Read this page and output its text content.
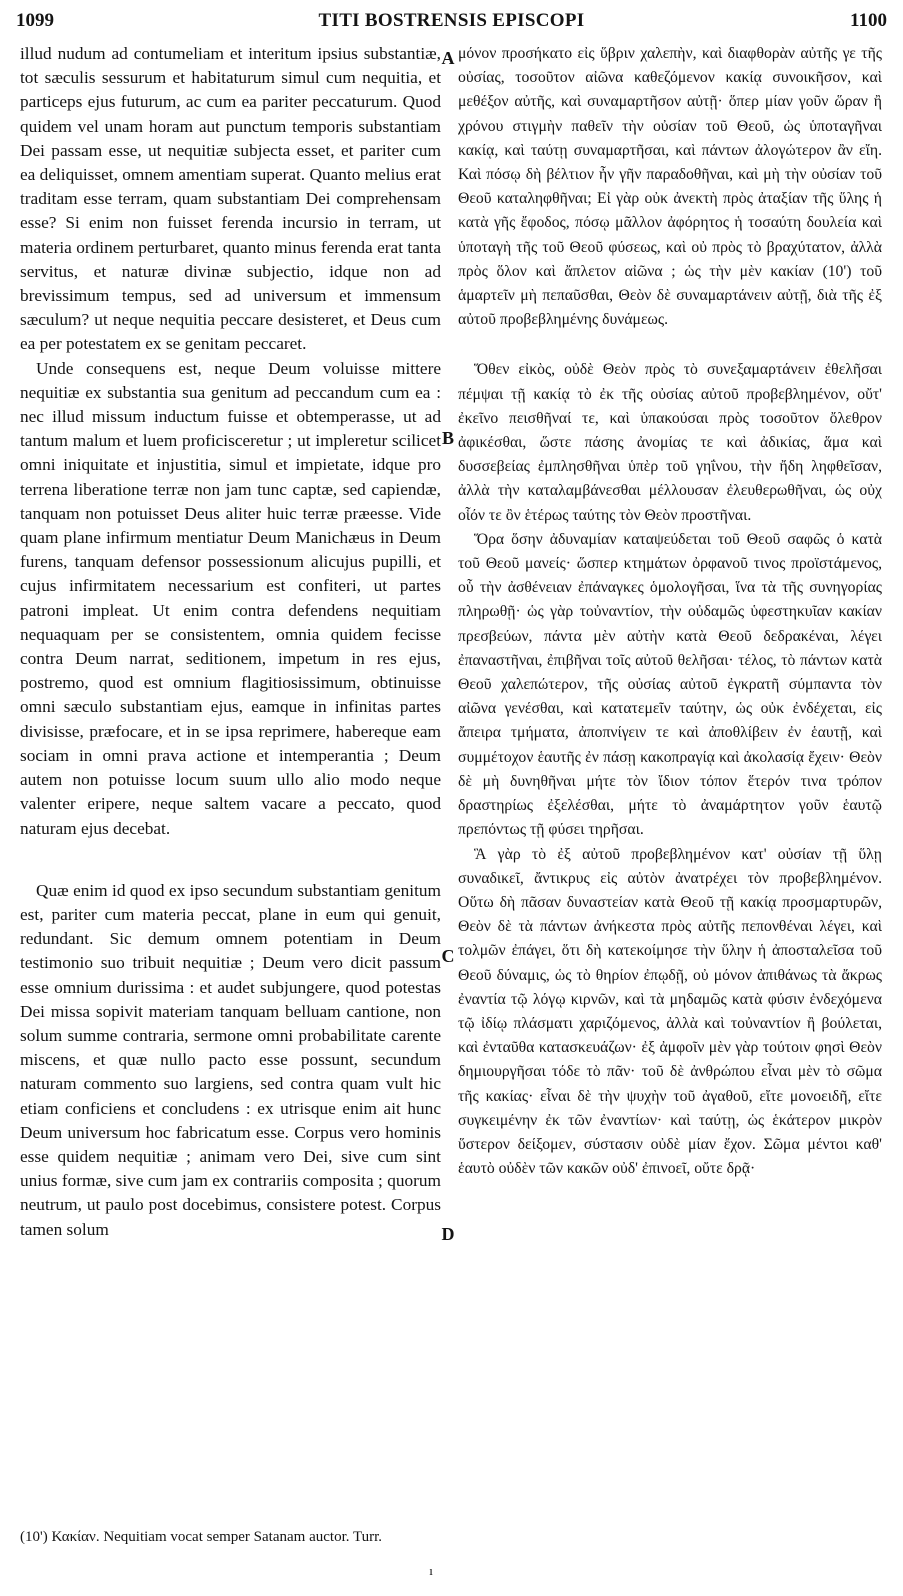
1099	TITI BOSTRENSIS EPISCOPI	1100

illud nudum ad contumeliam et interitum ipsius substantiæ, tot sæculis sessurum et habitaturum simul cum nequitia, et particeps ejus futurum, ac cum ea pariter peccaturum. Quod quidem vel unam horam aut punctum temporis substantiam Dei passam esse, ut nequitiæ subjecta esset, et pariter cum ea deliquisset, omnem amentiam superat. Quanto melius erat traditam esse terram, quam substantiam Dei comprehensam esse? Si enim non fuisset ferenda incursio in terram, ut materia ordinem perturbaret, quanto minus ferenda erat tanta servitus, et naturæ divinæ subjectio, idque non ad brevissimum tempus, sed ad universum et immensum sæculum? ut neque nequitia peccare desisteret, et Deus cum ea per potestatem ex se genitam peccaret.

Unde consequens est, neque Deum voluisse mittere nequitiæ ex substantia sua genitum ad peccandum cum ea : nec illud missum inductum fuisse et obtemperasse, ut ad tantum malum et luem proficisceretur ; ut impleretur scilicet omni iniquitate et injustitia, simul et impietate, idque pro terrena liberatione terræ non jam tunc captæ, sed capiendæ, tanquam non potuisset Deus aliter huic terræ præesse. Vide quam plane infirmum mentiatur Deum Manichæus in Deum furens, tanquam defensor possessionum alicujus pupilli, et cujus infirmitatem necessarium est confiteri, ut partes patroni impleat. Ut enim contra defendens nequitiam nequaquam per se consistentem, omnia quidem fecisse contra Deum narrat, seditionem, impetum in res ejus, postremo, quod est omnium flagitiosissimum, obtinuisse omni sæculo substantiam ejus, eamque in infinitas partes divisisse, præfocare, et in se ipsa reprimere, habereque eam sociam in omni prava actione et intemperantia ; Deum autem non potuisse locum suum ullo alio modo neque valenter eripere, neque saltem vacare a peccato, quod naturam ejus decebat.

Quæ enim id quod ex ipso secundum substantiam genitum est, pariter cum materia peccat, plane in eum qui genuit, redundant. Sic demum omnem potentiam in Deum testimonio suo tribuit nequitiæ ; Deum vero dicit passum esse omnium durissima : et audet subjungere, quod potestas Dei missa sopivit materiam tanquam belluam cantione, non solum summe contraria, sermone omni probabilitate carente miscens, et quæ nullo pacto esse possunt, secundum naturam commento suo largiens, sed contra quam vult hic etiam conficiens et concludens : ex utrisque enim ait hunc Deum universum hoc fabricatum esse. Corpus vero hominis esse quidem nequitiæ ; animam vero Dei, sive cum sint unius formæ, sive cum jam ex contrariis composita ; quorum neutrum, ut paulo post docebimus, consistere potest. Corpus tamen solum

A
B
C
D

μόνον προσήκατο εἰς ὕβριν χαλεπὴν, καὶ διαφθορὰν αὐτῆς γε τῆς οὐσίας, τοσοῦτον αἰῶνα καθεζόμενον κακίᾳ συνοικῆσον, καὶ μεθέξον αὐτῆς, καὶ συναμαρτῆσον αὐτῇ· ὅπερ μίαν γοῦν ὥραν ἢ χρόνου στιγμὴν παθεῖν τὴν οὐσίαν τοῦ Θεοῦ, ὡς ὑποταγῆναι κακίᾳ, καὶ ταύτῃ συναμαρτῆσαι, καὶ πάντων ἀλογώτερον ἂν εἴη. Καὶ πόσῳ δὴ βέλτιον ἦν γῆν παραδοθῆναι, καὶ μὴ τὴν οὐσίαν τοῦ Θεοῦ καταληφθῆναι; Εἰ γὰρ οὐκ ἀνεκτὴ πρὸς ἀταξίαν τῆς ὕλης ἡ κατὰ γῆς ἔφοδος, πόσῳ μᾶλλον ἀφόρητος ἡ τοσαύτη δουλεία καὶ ὑποταγὴ τῆς τοῦ Θεοῦ φύσεως, καὶ οὐ πρὸς τὸ βραχύτατον, ἀλλὰ πρὸς ὅλον καὶ ἄπλετον αἰῶνα ; ὡς τὴν μὲν κακίαν (10') τοῦ ἁμαρτεῖν μὴ πεπαῦσθαι, Θεὸν δὲ συναμαρτάνειν αὐτῇ, διὰ τῆς ἐξ αὐτοῦ προβεβλημένης δυνάμεως.

Ὅθεν εἰκὸς, οὐδὲ Θεὸν πρὸς τὸ συνεξαμαρτάνειν ἐθελῆσαι πέμψαι τῇ κακίᾳ τὸ ἐκ τῆς οὐσίας αὐτοῦ προβεβλημένον, οὔτ' ἐκεῖνο πεισθῆναί τε, καὶ ὑπακούσαι πρὸς τοσοῦτον ὄλεθρον ἀφικέσθαι, ὥστε πάσης ἀνομίας τε καὶ ἀδικίας, ἅμα καὶ δυσσεβείας ἐμπλησθῆναι ὑπὲρ τοῦ γηΐνου, τὴν ἤδη ληφθεῖσαν, ἀλλὰ τὴν καταλαμβάνεσθαι μέλλουσαν ἐλευθερωθῆναι, ὡς οὐχ οἷόν τε ὂν ἑτέρως ταύτης τὸν Θεὸν προστῆναι.

Ὅρα ὅσην ἀδυναμίαν καταψεύδεται τοῦ Θεοῦ σαφῶς ὁ κατὰ τοῦ Θεοῦ μανείς· ὥσπερ κτημάτων ὀρφανοῦ τινος προϊστάμενος, οὗ τὴν ἀσθένειαν ἐπάναγκες ὁμολογῆσαι, ἵνα τὰ τῆς συνηγορίας πληρωθῇ· ὡς γὰρ τοὐναντίον, τὴν οὐδαμῶς ὑφεστηκυῖαν κακίαν πρεσβεύων, πάντα μὲν αὐτὴν κατὰ Θεοῦ δεδρακέναι, λέγει ἐπαναστῆναι, ἐπιβῆναι τοῖς αὐτοῦ θελῆσαι· τέλος, τὸ πάντων κατὰ Θεοῦ χαλεπώτερον, τῆς οὐσίας αὐτοῦ ἐγκρατῆ σύμπαντα τὸν αἰῶνα γενέσθαι, καὶ κατατεμεῖν ταύτην, ὡς οὐκ ἐνδέχεται, εἰς ἄπειρα τμήματα, ἀποπνίγειν τε καὶ ἀποθλίβειν ἐν ἑαυτῇ, καὶ συμμέτοχον ἑαυτῆς ἐν πάσῃ κακοπραγίᾳ καὶ ἀκολασίᾳ ἔχειν· Θεὸν δὲ μὴ δυνηθῆναι μήτε τὸν ἴδιον τόπον ἕτερόν τινα τρόπον δραστηρίως ἐξελέσθαι, μήτε τὸ ἀναμάρτητον γοῦν ἑαυτῷ πρεπόντως τῇ φύσει τηρῆσαι.

Ἃ γὰρ τὸ ἐξ αὐτοῦ προβεβλημένον κατ' οὐσίαν τῇ ὕλῃ συναδικεῖ, ἄντικρυς εἰς αὐτὸν ἀνατρέχει τὸν προβεβλημένον. Οὕτω δὴ πᾶσαν δυναστείαν κατὰ Θεοῦ τῇ κακίᾳ προσμαρτυρῶν, Θεὸν δὲ τὰ πάντων ἀνήκεστα πρὸς αὐτῆς πεπονθέναι λέγει, καὶ τολμῶν ἐπάγει, ὅτι δὴ κατεκοίμησε τὴν ὕλην ἡ ἀποσταλεῖσα τοῦ Θεοῦ δύναμις, ὡς τὸ θηρίον ἐπῳδῇ, οὐ μόνον ἀπιθάνως τὰ ἄκρως ἐναντία τῷ λόγῳ κιρνῶν, καὶ τὰ μηδαμῶς κατὰ φύσιν ἐνδεχόμενα τῷ ἰδίῳ πλάσματι χαριζόμενος, ἀλλὰ καὶ τοὐναντίον ἢ βούλεται, καὶ ἐνταῦθα κατασκευάζων· ἐξ ἀμφοῖν μὲν γὰρ τούτοιν φησὶ Θεὸν δημιουργῆσαι τόδε τὸ πᾶν· τοῦ δὲ ἀνθρώπου εἶναι μὲν τὸ σῶμα τῆς κακίας· εἶναι δὲ τὴν ψυχὴν τοῦ ἀγαθοῦ, εἴτε μονοειδῆ, εἴτε συγκειμένην ἐκ τῶν ἐναντίων· καὶ ταύτῃ, ὡς ἑκάτερον μικρὸν ὕστερον δείξομεν, σύστασιν οὐδὲ μίαν ἔχον. Σῶμα μέντοι καθ' ἑαυτὸ οὐδὲν τῶν κακῶν οὐδ' ἐπινοεῖ, οὔτε δρᾷ·

(10') Κακίαν. Nequitiam vocat semper Satanam auctor. Turr.
ı
